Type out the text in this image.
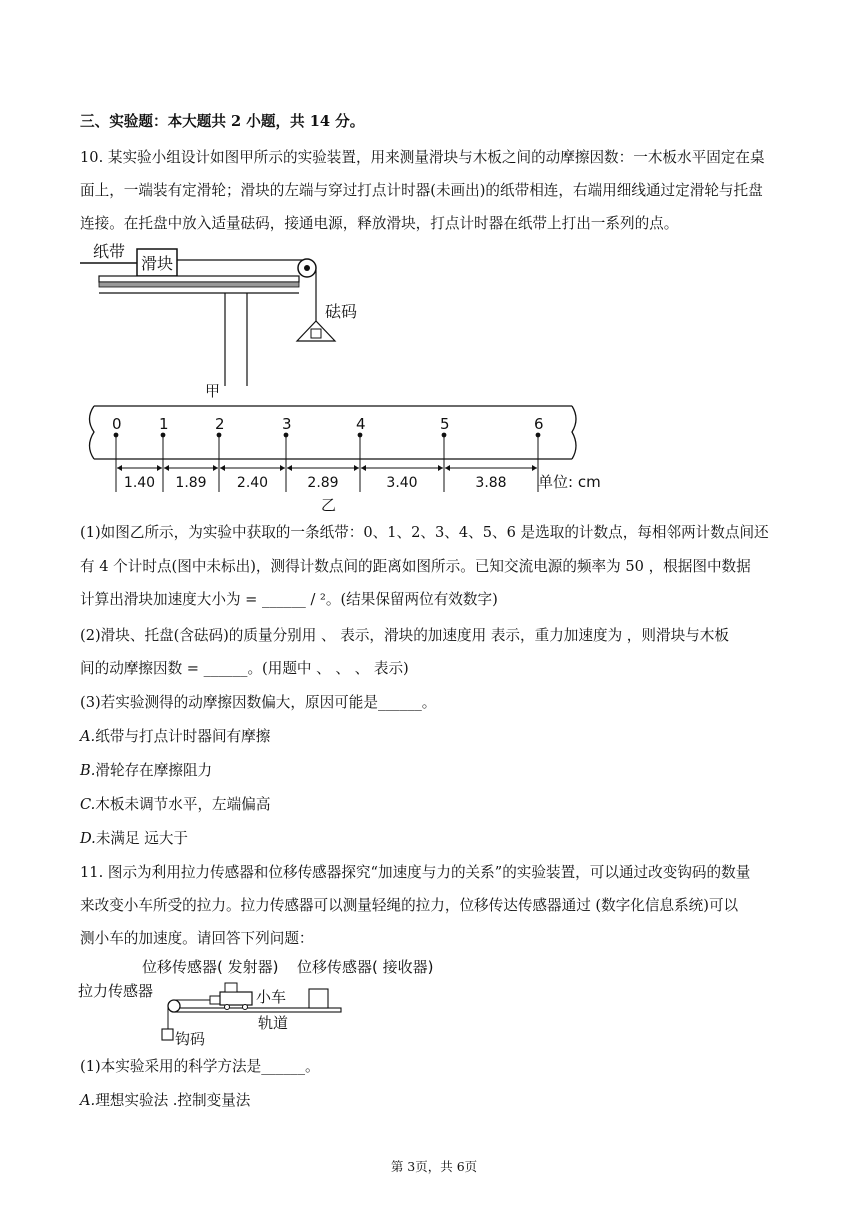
三、实验题：本大题共 2 小题，共 14 分。
10. 某实验小组设计如图甲所示的实验装置，用来测量滑块与木板之间的动摩擦因数：一木板水平固定在桌
面上，一端装有定滑轮；滑块的左端与穿过打点计时器(未画出)的纸带相连，右端用细线通过定滑轮与托盘
连接。在托盘中放入适量砝码，接通电源，释放滑块，打点计时器在纸带上打出一系列的点。
纸带
滑块
砝码
甲
0 1	2	3	4	5	6
1.40 1.89 2.40	2.89	3.40	3.88 单位: cm
乙
(1)如图乙所示，为实验中获取的一条纸带：0、1、2、3、4、5、6 是选取的计数点，每相邻两计数点间还
有 4 个计时点(图中未标出)，测得计数点间的距离如图所示。已知交流电源的频率为 50 ，根据图中数据
计算出滑块加速度大小为 = ______ / ²。(结果保留两位有效数字)
(2)滑块、托盘(含砝码)的质量分别用 、 表示，滑块的加速度用 表示，重力加速度为 ，则滑块与木板
间的动摩擦因数 = ______。(用题中 、 、 、 表示)
(3)若实验测得的动摩擦因数偏大，原因可能是______。
A.纸带与打点计时器间有摩擦
B.滑轮存在摩擦阻力
C.木板未调节水平，左端偏高
D.未满足 远大于
11. 图示为利用拉力传感器和位移传感器探究“加速度与力的关系”的实验装置，可以通过改变钩码的数量
来改变小车所受的拉力。拉力传感器可以测量轻绳的拉力，位移传达传感器通过 (数字化信息系统)可以
测小车的加速度。请回答下列问题：
位移传感器( 发射器) 位移传感器( 接收器)
拉力传感器
钩码
小车
轨道
(1)本实验采用的科学方法是______。
A.理想实验法 .控制变量法
第 3页，共 6页
